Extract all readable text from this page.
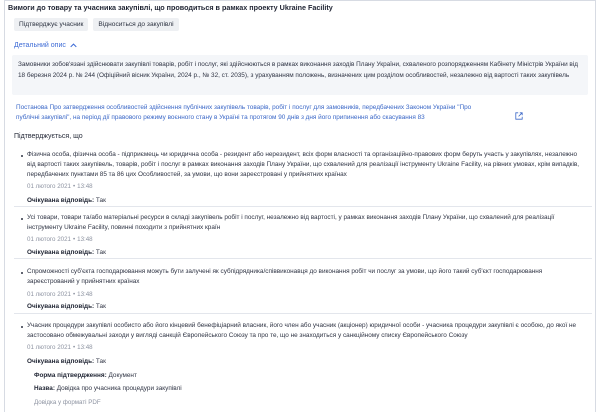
Вимоги до товару та учасника закупівлі, що проводиться в рамках проекту Ukraine Facility
Підтверджує учасник	Відноситься до закупівлі
Детальний опис
Замовники зобов'язані здійснювати закупівлі товарів, робіт і послуг, які здійснюються в рамках виконання заходів Плану України, схваленого розпорядженням Кабінету Міністрів України від 18 березня 2024 р. № 244 (Офіційний вісник України, 2024 р., № 32, ст. 2035), з урахуванням положень, визначених цим розділом особливостей, незалежно від вартості таких закупівель
Постанова Про затвердження особливостей здійснення публічних закупівель товарів, робіт і послуг для замовників, передбачених Законом України "Про публічні закупівлі", на період дії правового режиму воєнного стану в Україні та протягом 90 днів з дня його припинення або скасування 83
Підтверджується, що
Фізична особа, фізична особа - підприємець чи юридична особа - резидент або нерезидент, всіх форм власності та організаційно-правових форм беруть участь у закупівлях, незалежно від вартості таких закупівель, товарів, робіт і послуг в рамках виконання заходів Плану України, що схвалений для реалізації інструменту Ukraine Facility, на рівних умовах, крім випадків, передбачених пунктами 85 та 86 цих Особливостей, за умови, що вони зареєстровані у прийнятних країнах
01 лютого 2021 • 13:48
Очікувана відповідь: Так
Усі товари, товари та/або матеріальні ресурси в складі закупівель робіт і послуг, незалежно від вартості, у рамках виконання заходів Плану України, що схвалений для реалізації інструменту Ukraine Facility, повинні походити з прийнятних країн
01 лютого 2021 • 13:48
Очікувана відповідь: Так
Спроможності суб'єкта господарювання можуть бути залучені як субпідрядника/співвиконавця до виконання робіт чи послуг за умови, що його такий суб'єкт господарювання зареєстрований у прийнятних країнах
01 лютого 2021 • 13:48
Очікувана відповідь: Так
Учасник процедури закупівлі особисто або його кінцевий бенефіціарний власник, його член або учасник (акціонер) юридичної особи - учасника процедури закупівлі є особою, до якої не застосовано обмежувальні заходи у вигляді санкцій Європейського Союзу та про те, що не знаходиться у санкційному списку Європейського Союзу
01 лютого 2021 • 13:48
Очікувана відповідь: Так
Форма підтвердження: Документ
Назва: Довідка про учасника процедури закупівлі
Довідка у форматі PDF
